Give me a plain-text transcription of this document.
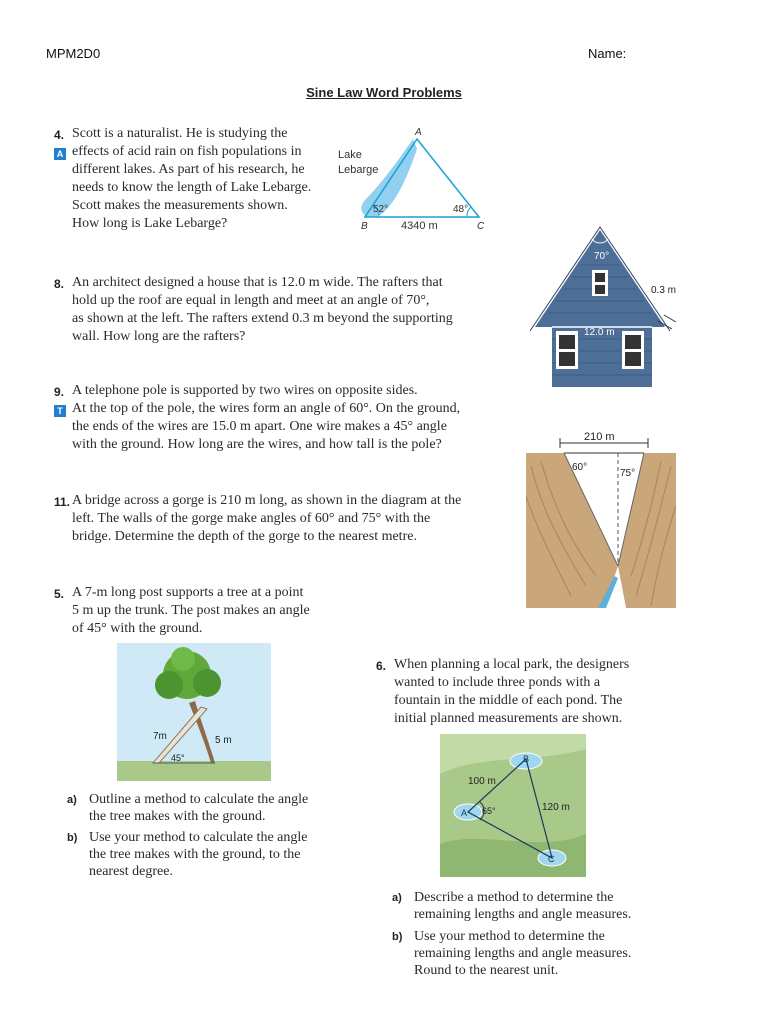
MPM2D0	Name:
Sine Law Word Problems
4.
A
Scott is a naturalist. He is studying the
effects of acid rain on fish populations in
different lakes. As part of his research, he
needs to know the length of Lake Lebarge.
Scott makes the measurements shown.
How long is Lake Lebarge?
A
Lake
Lebarge
52°	48°
B	4340 m	C
8. An architect designed a house that is 12.0 m wide. The rafters that
hold up the roof are equal in length and meet at an angle of 70°,
as shown at the left. The rafters extend 0.3 m beyond the supporting
wall. How long are the rafters?
70°
0.3 m
12.0 m
9.
T
A telephone pole is supported by two wires on opposite sides.
At the top of the pole, the wires form an angle of 60°. On the ground,
the ends of the wires are 15.0 m apart. One wire makes a 45° angle
with the ground. How long are the wires, and how tall is the pole?
11. A bridge across a gorge is 210 m long, as shown in the diagram at the
left. The walls of the gorge make angles of 60° and 75° with the
bridge. Determine the depth of the gorge to the nearest metre.
210 m
60°
75°
5. A 7-m long post supports a tree at a point
5 m up the trunk. The post makes an angle
of 45° with the ground.
7m	5 m
45°
a) Outline a method to calculate the angle
the tree makes with the ground.
b) Use your method to calculate the angle
the tree makes with the ground, to the
nearest degree.
6. When planning a local park, the designers
wanted to include three ponds with a
fountain in the middle of each pond. The
initial planned measurements are shown.
B
A
C
100 m
120 m
65°
a) Describe a method to determine the
remaining lengths and angle measures.
b) Use your method to determine the
remaining lengths and angle measures.
Round to the nearest unit.
